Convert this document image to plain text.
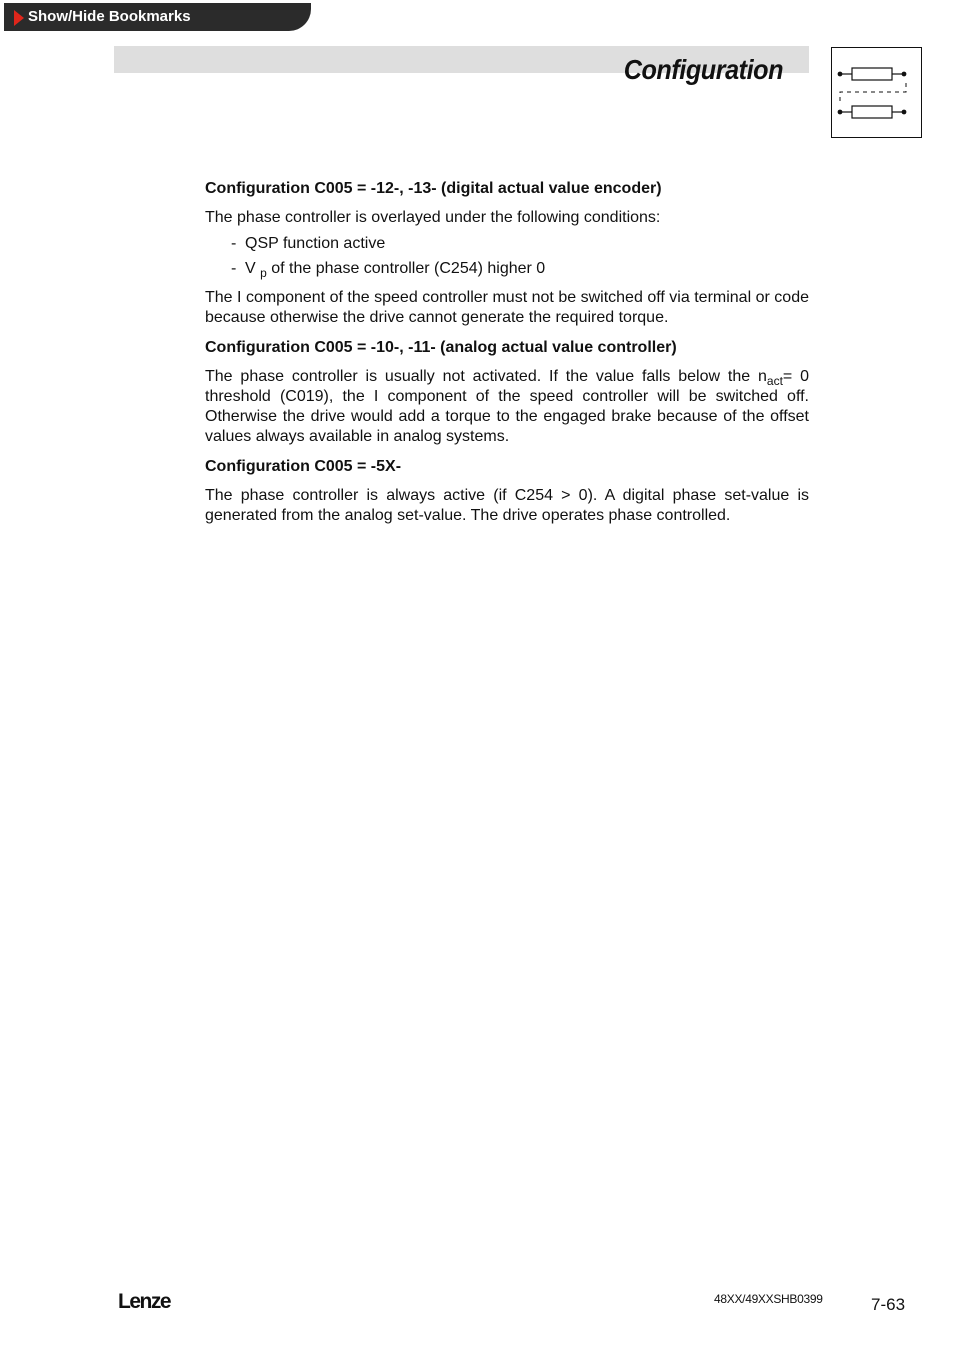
Show/Hide Bookmarks
Configuration
Configuration C005 = -12-, -13- (digital actual value encoder)

The phase controller is overlayed under the following conditions:

- QSP function active
- V $_p$ of the phase controller (C254) higher 0

The I component of the speed controller must not be switched off via terminal or code because otherwise the drive cannot generate the required torque.

Configuration C005 = -10-, -11- (analog actual value controller)

The phase controller is usually not activated. If the value falls below the $n_{act}= 0$ threshold (C019), the I component of the speed controller will be switched off. Otherwise the drive would add a torque to the engaged brake because of the offset values always available in analog systems.

Configuration C005 = -5X-

The phase controller is always active (if C254 > 0). A digital phase set-value is generated from the analog set-value. The drive operates phase controlled.

Lenze	48XX/49XXSHB0399	7-63
